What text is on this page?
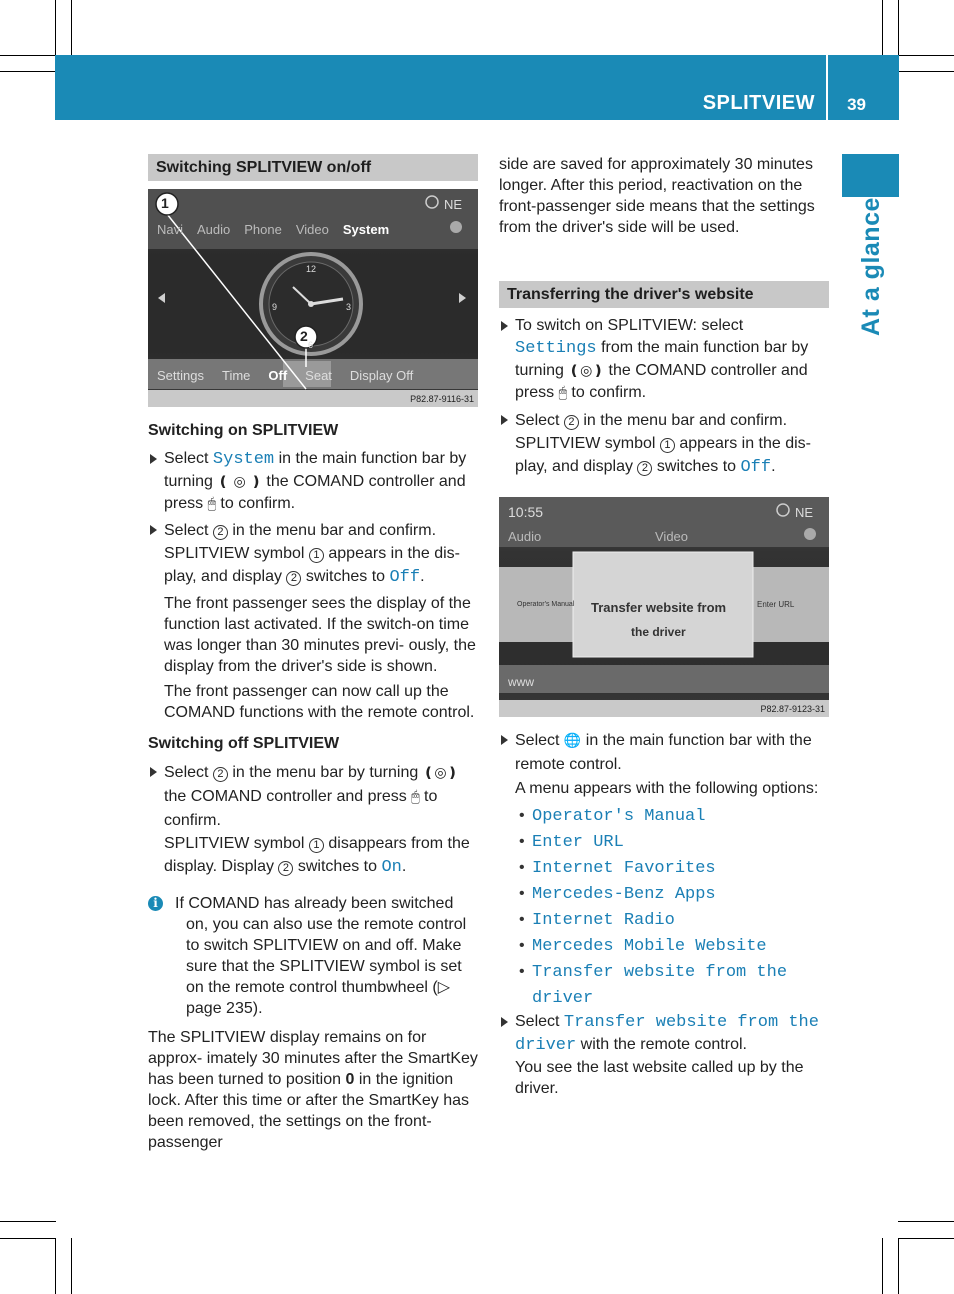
SPLITVIEW 39
At a glance
Switching SPLITVIEW on/off
1
2
NE
Navi Audio Phone Video System
12
3
6
9
Settings Time Off Seat Display Off
P82.87-9116-31

Switching on SPLITVIEW

Select System in the main function bar by turning ❪ ◎ ❫ the COMAND controller and press 🖱 to confirm.

Select 2 in the menu bar and confirm.
SPLITVIEW symbol 1 appears in the dis- play, and display 2 switches to Off.

The front passenger sees the display of the function last activated. If the switch-on time was longer than 30 minutes previ- ously, the display from the driver's side is shown.

The front passenger can now call up the COMAND functions with the remote control.

Switching off SPLITVIEW

Select 2 in the menu bar by turning ❪◎❫ the COMAND controller and press 🖱 to confirm.
SPLITVIEW symbol 1 disappears from the display. Display 2 switches to On.

i	If COMAND has already been switched on, you can also use the remote control to switch SPLITVIEW on and off. Make sure that the SPLITVIEW symbol is set on the remote control thumbwheel (▷ page 235).

The SPLITVIEW display remains on for approx- imately 30 minutes after the SmartKey has been turned to position 0 in the ignition lock. After this time or after the SmartKey has been removed, the settings on the front-passenger

side are saved for approximately 30 minutes longer. After this period, reactivation on the front-passenger side means that the settings from the driver's side will be used.

Transferring the driver's website

To switch on SPLITVIEW: select Settings from the main function bar by turning ❪◎❫ the COMAND controller and press 🖱 to confirm.

Select 2 in the menu bar and confirm.
SPLITVIEW symbol 1 appears in the dis- play, and display 2 switches to Off.

10:55	NE
Audio	Video
Operator's Manual	Enter URL
Transfer website from
the driver
www
P82.87-9123-31

Select 🌐 in the main function bar with the remote control.

A menu appears with the following options:

• Operator's Manual
• Enter URL
• Internet Favorites
• Mercedes-Benz Apps
• Internet Radio
• Mercedes Mobile Website
• Transfer website from the driver

Select Transfer website from the driver with the remote control.

You see the last website called up by the driver.
